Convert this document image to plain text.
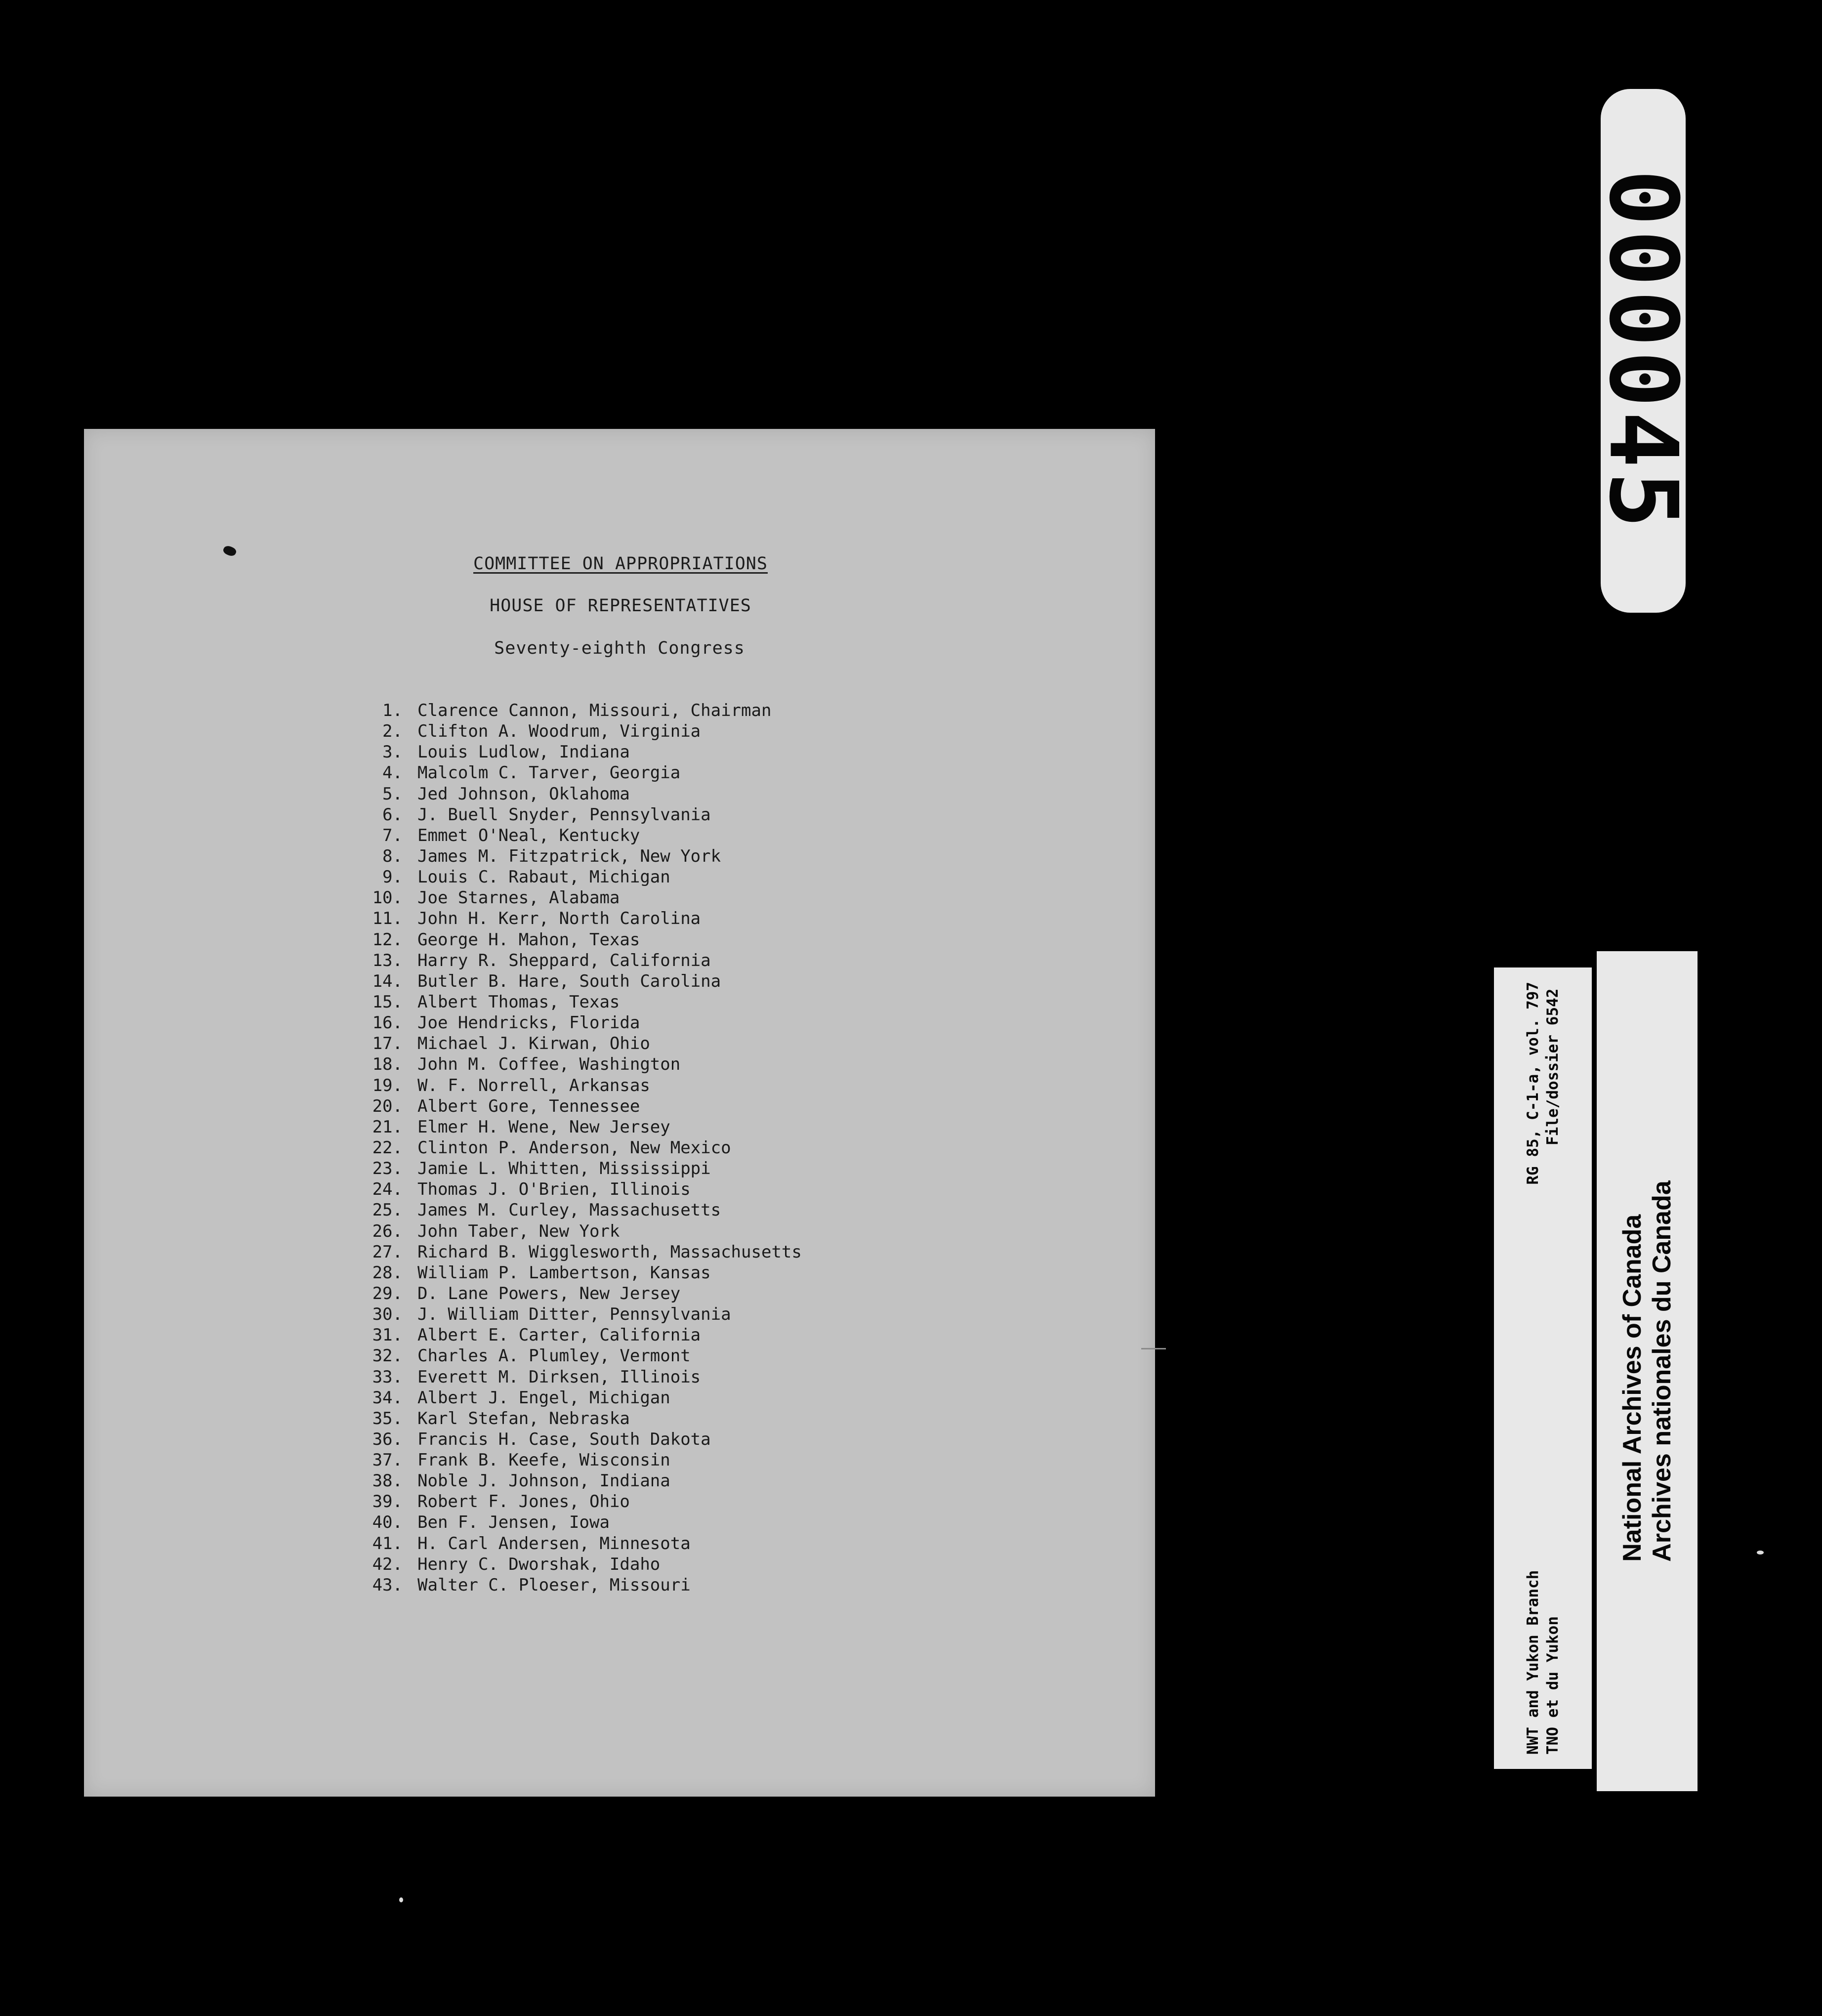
COMMITTEE ON APPROPRIATIONS
HOUSE OF REPRESENTATIVES
Seventy-eighth Congress
1. Clarence Cannon, Missouri, Chairman
2. Clifton A. Woodrum, Virginia
3. Louis Ludlow, Indiana
4. Malcolm C. Tarver, Georgia
5. Jed Johnson, Oklahoma
6. J. Buell Snyder, Pennsylvania
7. Emmet O'Neal, Kentucky
8. James M. Fitzpatrick, New York
9. Louis C. Rabaut, Michigan
10. Joe Starnes, Alabama
11. John H. Kerr, North Carolina
12. George H. Mahon, Texas
13. Harry R. Sheppard, California
14. Butler B. Hare, South Carolina
15. Albert Thomas, Texas
16. Joe Hendricks, Florida
17. Michael J. Kirwan, Ohio
18. John M. Coffee, Washington
19. W. F. Norrell, Arkansas
20. Albert Gore, Tennessee
21. Elmer H. Wene, New Jersey
22. Clinton P. Anderson, New Mexico
23. Jamie L. Whitten, Mississippi
24. Thomas J. O'Brien, Illinois
25. James M. Curley, Massachusetts
26. John Taber, New York
27. Richard B. Wigglesworth, Massachusetts
28. William P. Lambertson, Kansas
29. D. Lane Powers, New Jersey
30. J. William Ditter, Pennsylvania
31. Albert E. Carter, California
32. Charles A. Plumley, Vermont
33. Everett M. Dirksen, Illinois
34. Albert J. Engel, Michigan
35. Karl Stefan, Nebraska
36. Francis H. Case, South Dakota
37. Frank B. Keefe, Wisconsin
38. Noble J. Johnson, Indiana
39. Robert F. Jones, Ohio
40. Ben F. Jensen, Iowa
41. H. Carl Andersen, Minnesota
42. Henry C. Dworshak, Idaho
43. Walter C. Ploeser, Missouri
000045
NWT and Yukon BranchRG 85, C-1-a, vol. 797
TNO et du YukonFile/dossier 6542
National Archives of Canada Archives nationales du Canada
